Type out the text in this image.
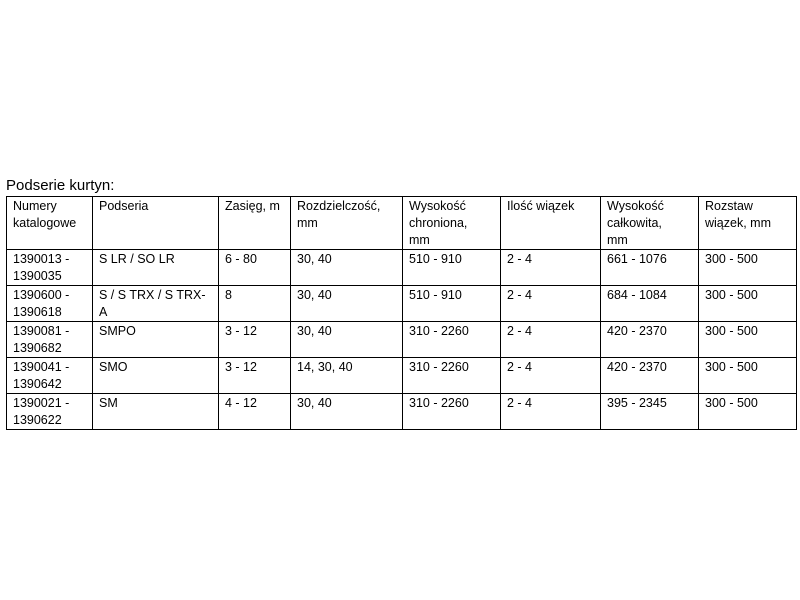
Podserie kurtyn:
Numery
katalogowe	Podseria	Zasięg, m	Rozdzielczość,
mm	Wysokość
chroniona,
mm	Ilość wiązek	Wysokość
całkowita,
mm	Rozstaw
wiązek, mm

1390013 -
1390035	S LR / SO LR	6 - 80	30, 40	510 - 910	2 - 4	661 - 1076	300 - 500

1390600 -
1390618	S / S TRX / S TRX-A	8	30, 40	510 - 910	2 - 4	684 - 1084	300 - 500

1390081 -
1390682	SMPO	3 - 12	30, 40	310 - 2260	2 - 4	420 - 2370	300 - 500

1390041 -
1390642	SMO	3 - 12	14, 30, 40	310 - 2260	2 - 4	420 - 2370	300 - 500

1390021 -
1390622	SM	4 - 12	30, 40	310 - 2260	2 - 4	395 - 2345	300 - 500
